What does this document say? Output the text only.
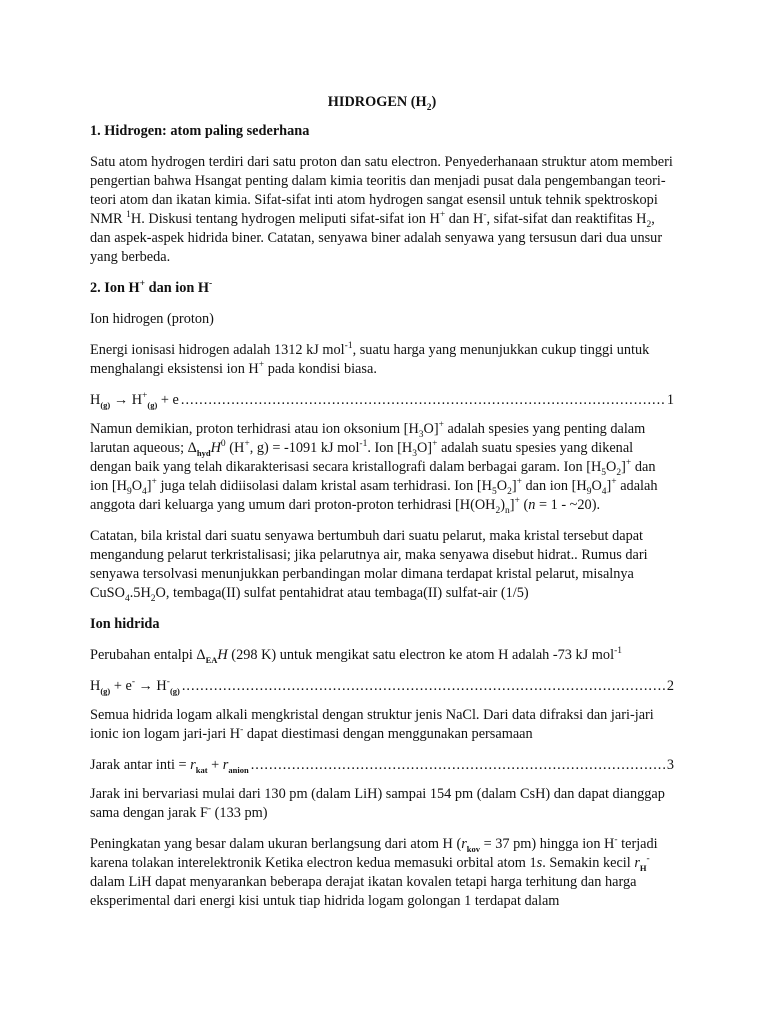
HIDROGEN $(H_2)$
1. Hidrogen: atom paling sederhana

Satu atom hydrogen terdiri dari satu proton dan satu electron. Penyederhanaan struktur atom memberi pengertian bahwa Hsangat penting dalam kimia teoritis dan menjadi pusat dala pengembangan teori-teori atom dan ikatan kimia. Sifat-sifat inti atom hydrogen sangat esensil untuk tehnik spektroskopi NMR $^1$H. Diskusi tentang hydrogen meliputi sifat-sifat ion H+ dan H-, sifat-sifat dan reaktifitas $H_2$, dan aspek-aspek hidrida biner. Catatan, senyawa biner adalah senyawa yang tersusun dari dua unsur yang berbeda.

2. Ion H+ dan ion H-

Ion hidrogen (proton)

Energi ionisasi hidrogen adalah 1312 kJ mol$^{-1}$, suatu harga yang menunjukkan cukup tinggi untuk menghalangi eksistensi ion H+ pada kondisi biasa.

$H_{(g)} \to H^+_{(g)} + e$ .....	1

Namun demikian, proton terhidrasi atau ion oksonium $[H_3O]^+$ adalah spesies yang penting dalam larutan aqueous; $\Delta_{hyd}H^0$ (H+, g) = -1091 kJ mol$^{-1}$. Ion $[H_3O]^+$ adalah suatu spesies yang dikenal dengan baik yang telah dikarakterisasi secara kristallografi dalam berbagai garam. Ion $[H_5O_2]^+$ dan ion $[H_9O_4]^+$ juga telah didiisolasi dalam kristal asam terhidrasi. Ion $[H_5O_2]^+$ dan ion $[H_9O_4]^+$ adalah anggota dari keluarga yang umum dari proton-proton terhidrasi $[H(OH_2)_n]^+$ (n = 1 - ~20).

Catatan, bila kristal dari suatu senyawa bertumbuh dari suatu pelarut, maka kristal tersebut dapat mengandung pelarut terkristalisasi; jika pelarutnya air, maka senyawa disebut hidrat.. Rumus dari senyawa tersolvasi menunjukkan perbandingan molar dimana terdapat kristal pelarut, misalnya $CuSO_4.5H_2O$, tembaga(II) sulfat pentahidrat atau tembaga(II) sulfat-air (1/5)

Ion hidrida

Perubahan entalpi $\Delta_{EA}H$ (298 K) untuk mengikat satu electron ke atom H adalah -73 kJ mol$^{-1}$

$H_{(g)} + e^- \to H^-_{(g)}$ .....	2

Semua hidrida logam alkali mengkristal dengan struktur jenis NaCl. Dari data difraksi dan jari-jari ionic ion logam jari-jari H- dapat diestimasi dengan menggunakan persamaan

Jarak antar inti = $r_{kat} + r_{anion}$ .....	3

Jarak ini bervariasi mulai dari 130 pm (dalam LiH) sampai 154 pm (dalam CsH) dan dapat dianggap sama dengan jarak F- (133 pm)

Peningkatan yang besar dalam ukuran berlangsung dari atom H ($r_{kov} = 37$ pm) hingga ion H- terjadi karena tolakan interelektronik Ketika electron kedua memasuki orbital atom 1s. Semakin kecil $r_H^-$ dalam LiH dapat menyarankan beberapa derajat ikatan kovalen tetapi harga terhitung dan harga eksperimental dari energi kisi untuk tiap hidrida logam golongan 1 terdapat dalam
